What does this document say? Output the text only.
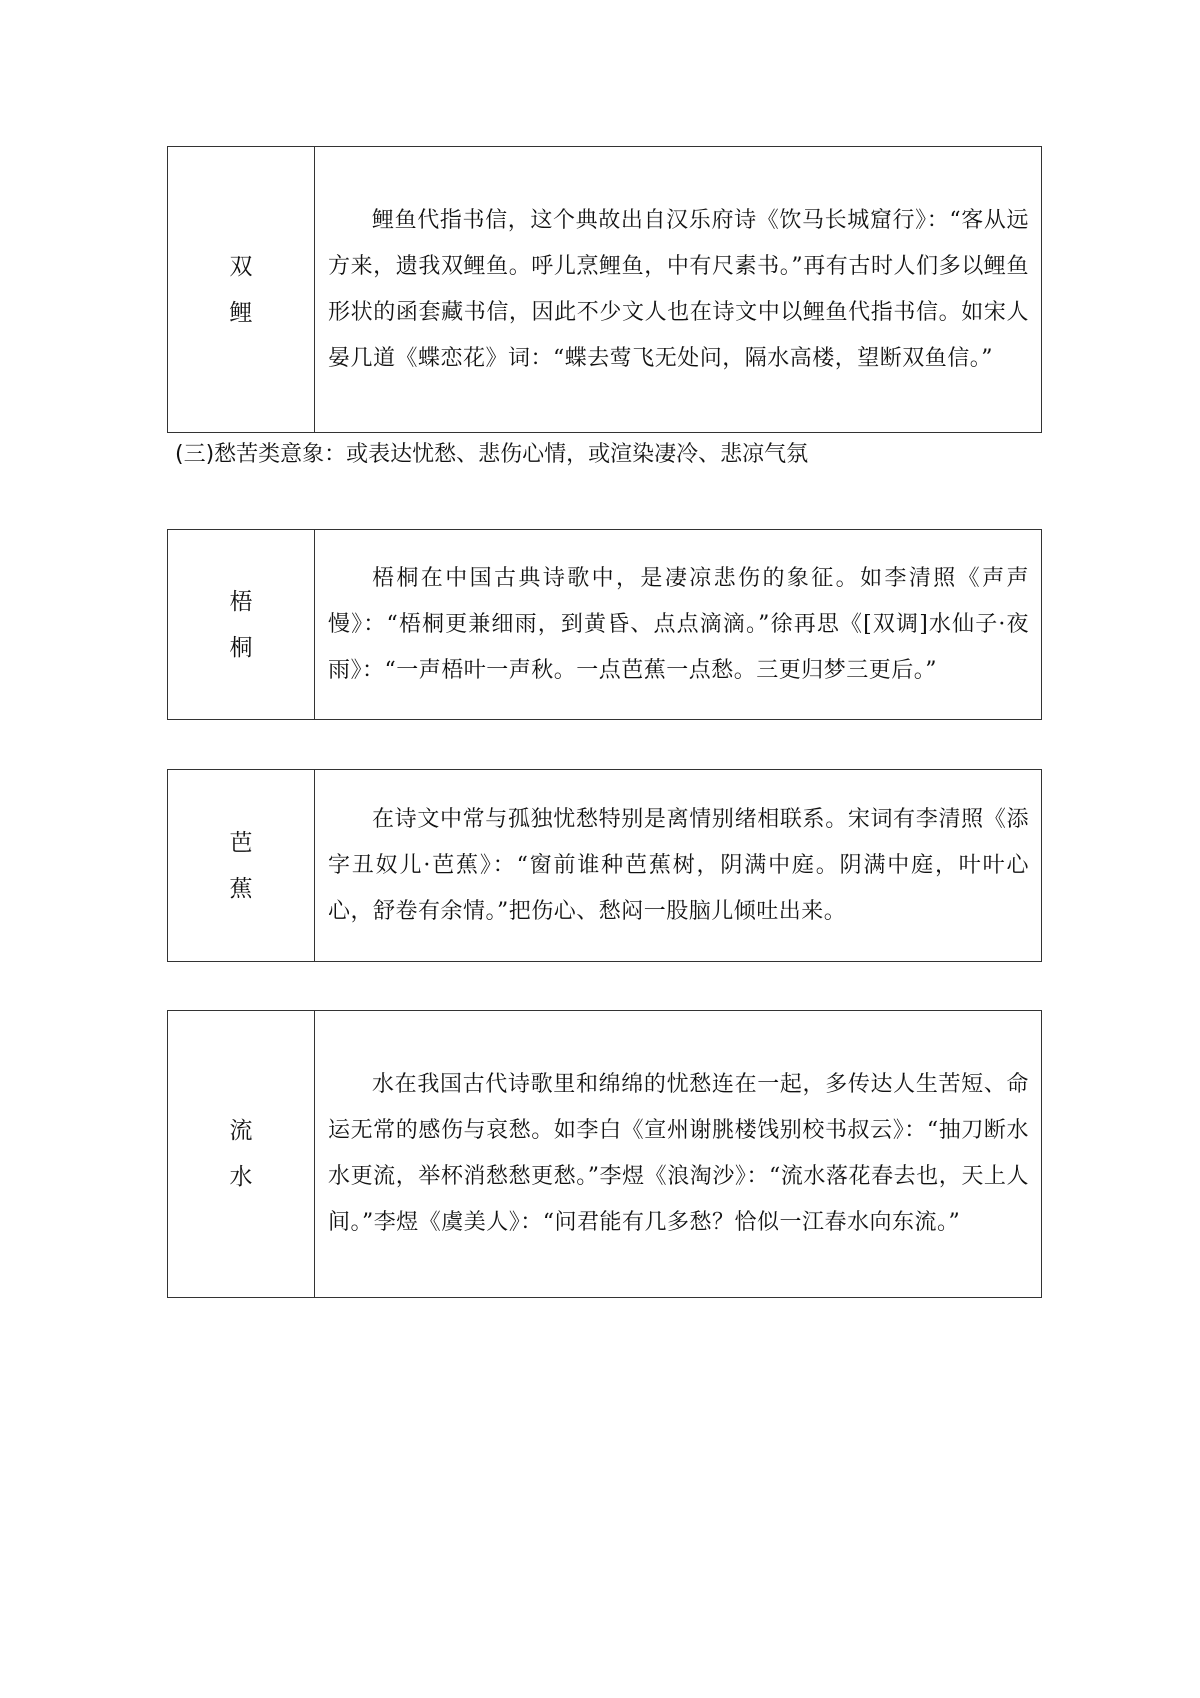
双鲤

鲤鱼代指书信，这个典故出自汉乐府诗《饮马长城窟行》：“客从远方来，遗我双鲤鱼。呼儿烹鲤鱼，中有尺素书。”再有古时人们多以鲤鱼形状的函套藏书信，因此不少文人也在诗文中以鲤鱼代指书信。如宋人晏几道《蝶恋花》词：“蝶去莺飞无处问，隔水高楼，望断双鱼信。”

(三)愁苦类意象：或表达忧愁、悲伤心情，或渲染凄冷、悲凉气氛
梧桐

梧桐在中国古典诗歌中，是凄凉悲伤的象征。如李清照《声声慢》：“梧桐更兼细雨，到黄昏、点点滴滴。”徐再思《[双调]水仙子·夜雨》：“一声梧叶一声秋。一点芭蕉一点愁。三更归梦三更后。”

芭蕉

在诗文中常与孤独忧愁特别是离情别绪相联系。宋词有李清照《添字丑奴儿·芭蕉》：“窗前谁种芭蕉树，阴满中庭。阴满中庭，叶叶心心，舒卷有余情。”把伤心、愁闷一股脑儿倾吐出来。

流水

水在我国古代诗歌里和绵绵的忧愁连在一起，多传达人生苦短、命运无常的感伤与哀愁。如李白《宣州谢朓楼饯别校书叔云》：“抽刀断水水更流，举杯消愁愁更愁。”李煜《浪淘沙》：“流水落花春去也，天上人间。”李煜《虞美人》：“问君能有几多愁？恰似一江春水向东流。”
